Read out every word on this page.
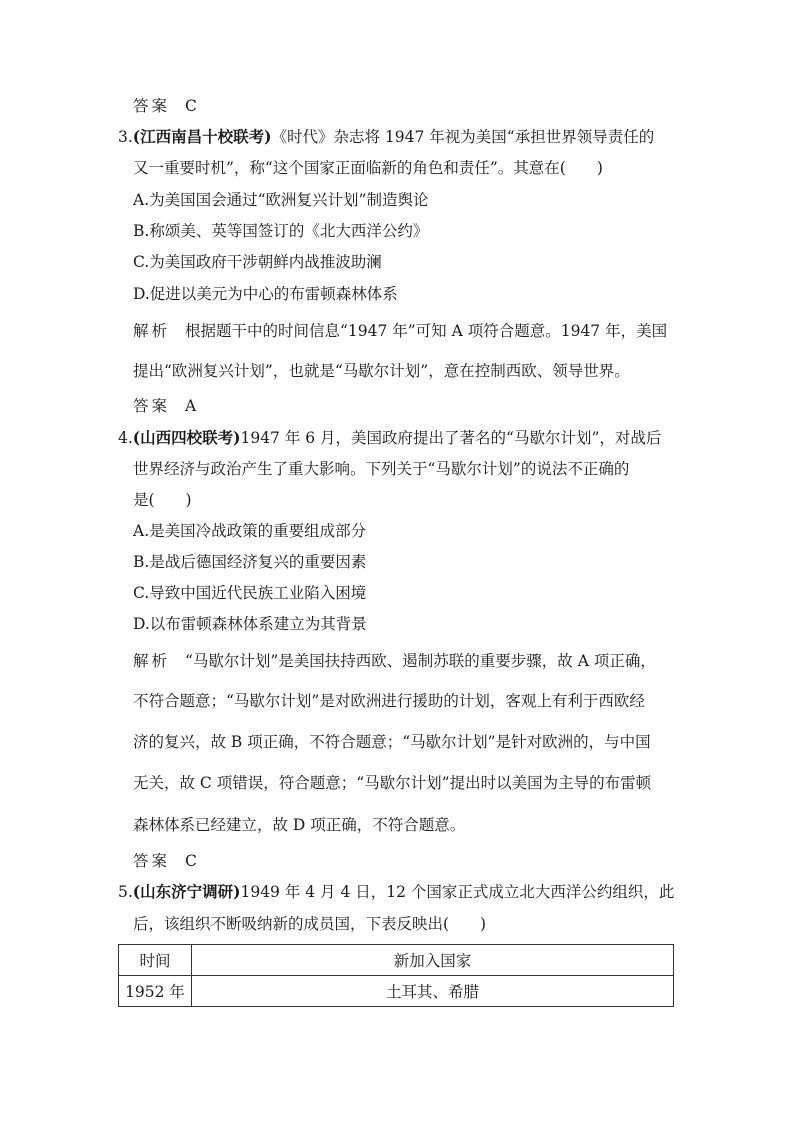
答案 C
3.(江西南昌十校联考)《时代》杂志将 1947 年视为美国“承担世界领导责任的
又一重要时机”，称“这个国家正面临新的角色和责任”。其意在(　　)
A.为美国国会通过“欧洲复兴计划”制造舆论
B.称颂美、英等国签订的《北大西洋公约》
C.为美国政府干涉朝鲜内战推波助澜
D.促进以美元为中心的布雷顿森林体系
解析 根据题干中的时间信息“1947 年”可知 A 项符合题意。1947 年，美国
提出“欧洲复兴计划”，也就是“马歇尔计划”，意在控制西欧、领导世界。
答案 A
4.(山西四校联考)1947 年 6 月，美国政府提出了著名的“马歇尔计划”，对战后
世界经济与政治产生了重大影响。下列关于“马歇尔计划”的说法不正确的
是(　　)
A.是美国冷战政策的重要组成部分
B.是战后德国经济复兴的重要因素
C.导致中国近代民族工业陷入困境
D.以布雷顿森林体系建立为其背景
解析 “马歇尔计划”是美国扶持西欧、遏制苏联的重要步骤，故 A 项正确，
不符合题意；“马歇尔计划”是对欧洲进行援助的计划，客观上有利于西欧经
济的复兴，故 B 项正确，不符合题意；“马歇尔计划”是针对欧洲的，与中国
无关，故 C 项错误，符合题意；“马歇尔计划”提出时以美国为主导的布雷顿
森林体系已经建立，故 D 项正确，不符合题意。
答案 C
5.(山东济宁调研)1949 年 4 月 4 日，12 个国家正式成立北大西洋公约组织，此
后，该组织不断吸纳新的成员国，下表反映出(　　)
时间	新加入国家
1952 年	土耳其、希腊
